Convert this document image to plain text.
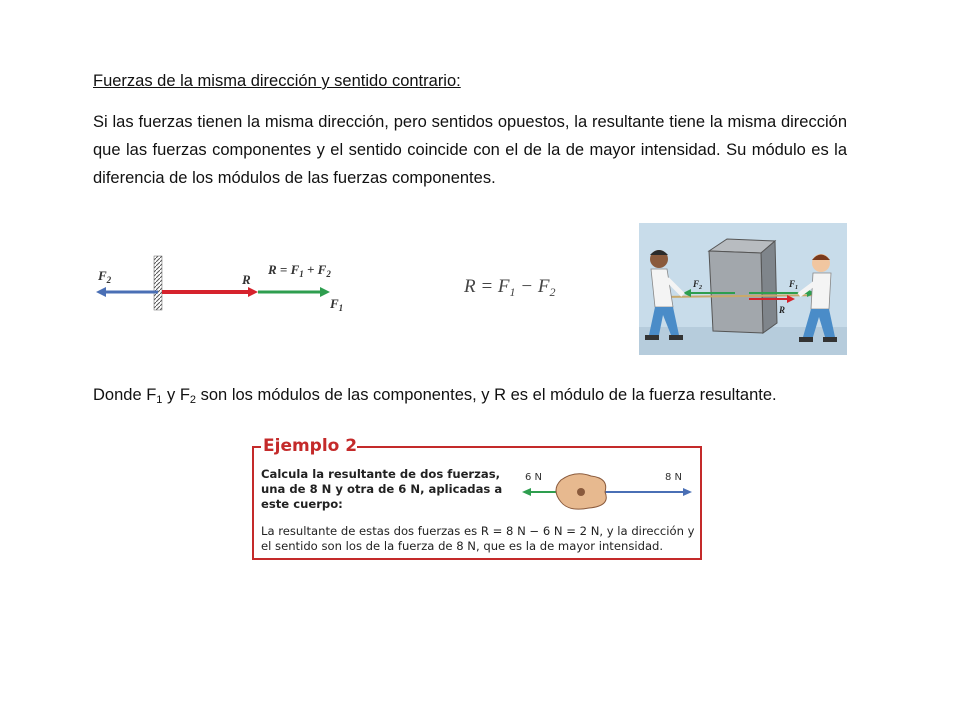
Fuerzas de la misma dirección y sentido contrario:
Si las fuerzas tienen la misma dirección, pero sentidos opuestos, la resultante tiene la misma dirección que las fuerzas componentes y el sentido coincide con el de la de mayor intensidad. Su módulo es la diferencia de los módulos de las fuerzas componentes.
$F_2$	R
$R = F_1 + F_2$
$F_1$
$R = F_1 - F_2$
$F_2$	$F_1$
R
Donde $F_1$ y $F_2$ son los módulos de las componentes, y R es el módulo de la fuerza resultante.
Ejemplo 2
Calcula la resultante de dos fuerzas, una de 8 N y otra de 6 N, aplicadas a este cuerpo:
La resultante de estas dos fuerzas es R = 8 N − 6 N = 2 N, y la dirección y el sentido son los de la fuerza de 8 N, que es la de mayor intensidad.
6 N	8 N
